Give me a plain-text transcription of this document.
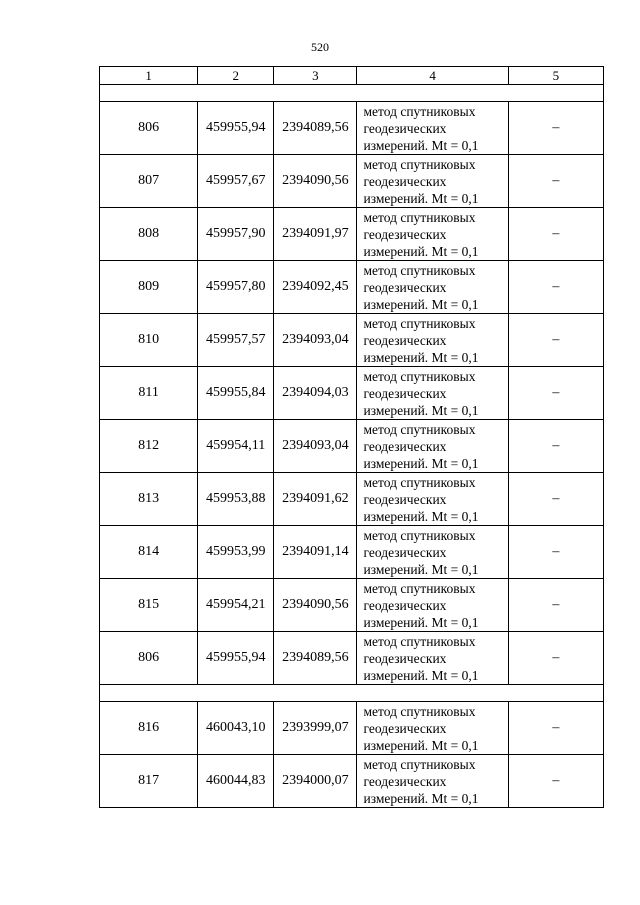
520
1	2	3	4	5

806	459955,94	2394089,56	метод спутниковых
геодезических
измерений. Mt = 0,1	–
807	459957,67	2394090,56	метод спутниковых
геодезических
измерений. Mt = 0,1	–
808	459957,90	2394091,97	метод спутниковых
геодезических
измерений. Mt = 0,1	–
809	459957,80	2394092,45	метод спутниковых
геодезических
измерений. Mt = 0,1	–
810	459957,57	2394093,04	метод спутниковых
геодезических
измерений. Mt = 0,1	–
811	459955,84	2394094,03	метод спутниковых
геодезических
измерений. Mt = 0,1	–
812	459954,11	2394093,04	метод спутниковых
геодезических
измерений. Mt = 0,1	–
813	459953,88	2394091,62	метод спутниковых
геодезических
измерений. Mt = 0,1	–
814	459953,99	2394091,14	метод спутниковых
геодезических
измерений. Mt = 0,1	–
815	459954,21	2394090,56	метод спутниковых
геодезических
измерений. Mt = 0,1	–
806	459955,94	2394089,56	метод спутниковых
геодезических
измерений. Mt = 0,1	–

816	460043,10	2393999,07	метод спутниковых
геодезических
измерений. Mt = 0,1	–
817	460044,83	2394000,07	метод спутниковых
геодезических
измерений. Mt = 0,1	–
